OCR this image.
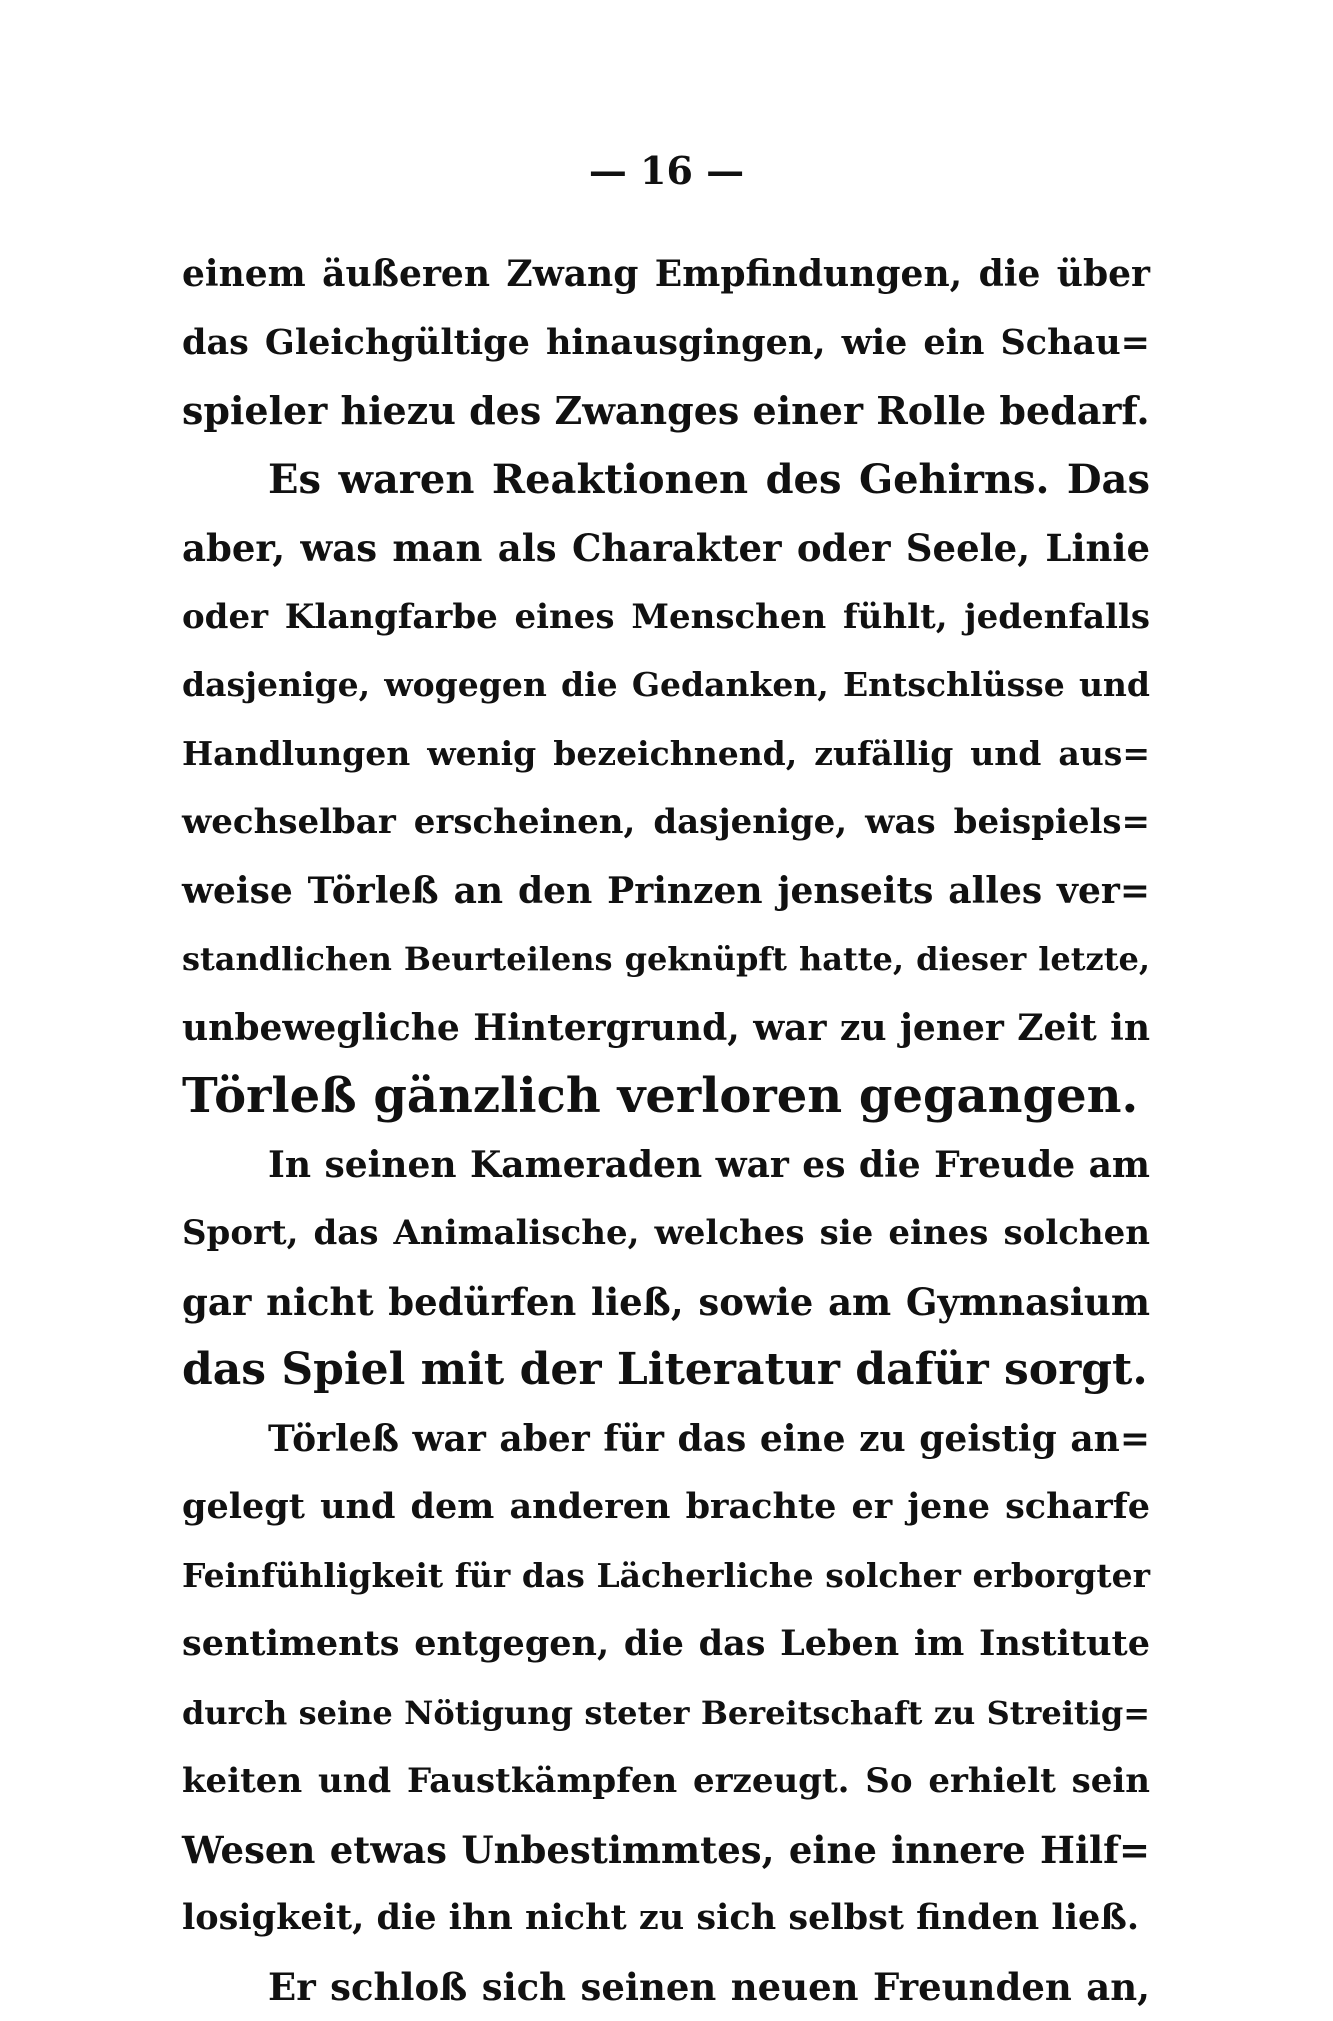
— 16 —
einem äußeren Zwang Empfindungen, die über
das Gleichgültige hinausgingen, wie ein Schau=
spieler hiezu des Zwanges einer Rolle bedarf.
Es waren Reaktionen des Gehirns. Das
aber, was man als Charakter oder Seele, Linie
oder Klangfarbe eines Menschen fühlt, jedenfalls
dasjenige, wogegen die Gedanken, Entschlüsse und
Handlungen wenig bezeichnend, zufällig und aus=
wechselbar erscheinen, dasjenige, was beispiels=
weise Törleß an den Prinzen jenseits alles ver=
standlichen Beurteilens geknüpft hatte, dieser letzte,
unbewegliche Hintergrund, war zu jener Zeit in
Törleß gänzlich verloren gegangen.
In seinen Kameraden war es die Freude am
Sport, das Animalische, welches sie eines solchen
gar nicht bedürfen ließ, sowie am Gymnasium
das Spiel mit der Literatur dafür sorgt.
Törleß war aber für das eine zu geistig an=
gelegt und dem anderen brachte er jene scharfe
Feinfühligkeit für das Lächerliche solcher erborgter
sentiments entgegen, die das Leben im Institute
durch seine Nötigung steter Bereitschaft zu Streitig=
keiten und Faustkämpfen erzeugt. So erhielt sein
Wesen etwas Unbestimmtes, eine innere Hilf=
losigkeit, die ihn nicht zu sich selbst finden ließ.
Er schloß sich seinen neuen Freunden an,
